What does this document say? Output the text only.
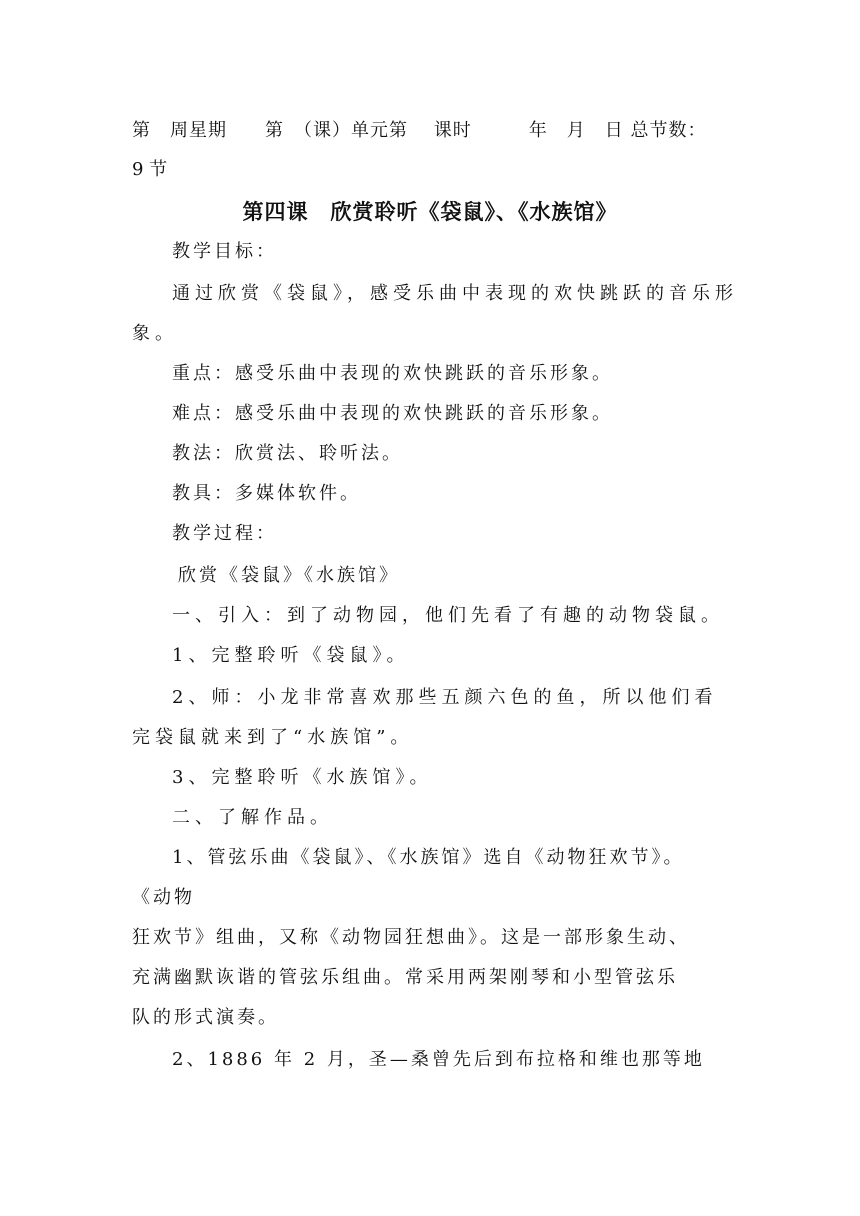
第　周星期　　第　（课）单元第　 课时　　　年　月　日 总节数：
9 节
第四课　欣赏聆听《袋鼠》、《水族馆》
教学目标：
通过欣赏《袋鼠》，感受乐曲中表现的欢快跳跃的音乐形
象。
重点：感受乐曲中表现的欢快跳跃的音乐形象。
难点：感受乐曲中表现的欢快跳跃的音乐形象。
教法：欣赏法、聆听法。
教具：多媒体软件。
教学过程：
欣赏《袋鼠》《水族馆》
一、引入：到了动物园，他们先看了有趣的动物袋鼠。
1、完整聆听《袋鼠》。
2、师：小龙非常喜欢那些五颜六色的鱼，所以他们看
完袋鼠就来到了“水族馆”。
3、完整聆听《水族馆》。
二、了解作品。
1、管弦乐曲《袋鼠》、《水族馆》选自《动物狂欢节》。
《动物
狂欢节》组曲，又称《动物园狂想曲》。这是一部形象生动、
充满幽默诙谐的管弦乐组曲。常采用两架刚琴和小型管弦乐
队的形式演奏。
2、1886 年 2 月，圣—桑曾先后到布拉格和维也那等地
